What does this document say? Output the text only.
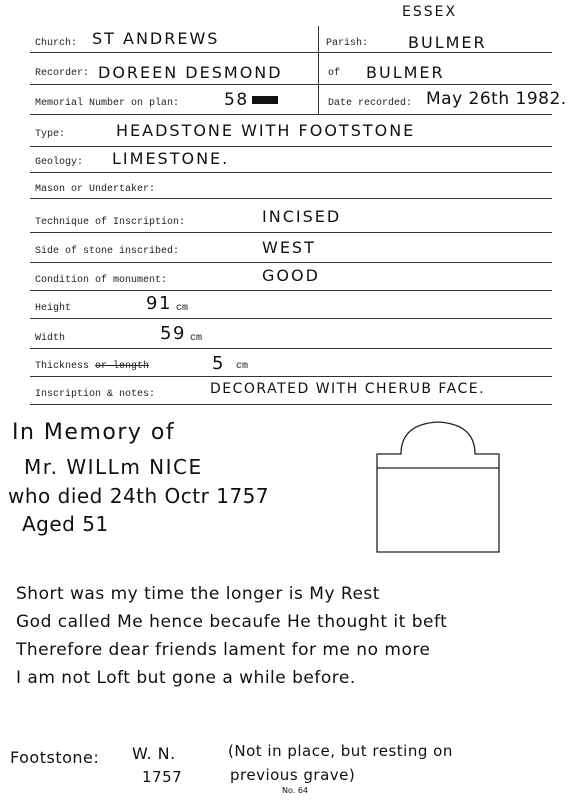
ESSEX
Church: ST ANDREWS	Parish: BULMER
Recorder: DOREEN DESMOND	of BULMER
Memorial Number on plan:	58	Date recorded: May 26th 1982.
Type:	HEADSTONE WITH FOOTSTONE
Geology: LIMESTONE.
Mason or Undertaker:
Technique of Inscription:	INCISED
Side of stone inscribed:	WEST
Condition of monument:	GOOD
Height	91 cm
Width	59 cm
Thickness or length	5 cm
Inscription & notes:	DECORATED WITH CHERUB FACE.
In Memory of
Mr. WILLm NICE
who died 24th Octr 1757
Aged 51
Short was my time the longer is My Rest
God called Me hence becaufe He thought it beft
Therefore dear friends lament for me no more
I am not Loft but gone a while before.
Footstone: W. N.
1757
(Not in place, but resting on
previous grave)
No. 64
